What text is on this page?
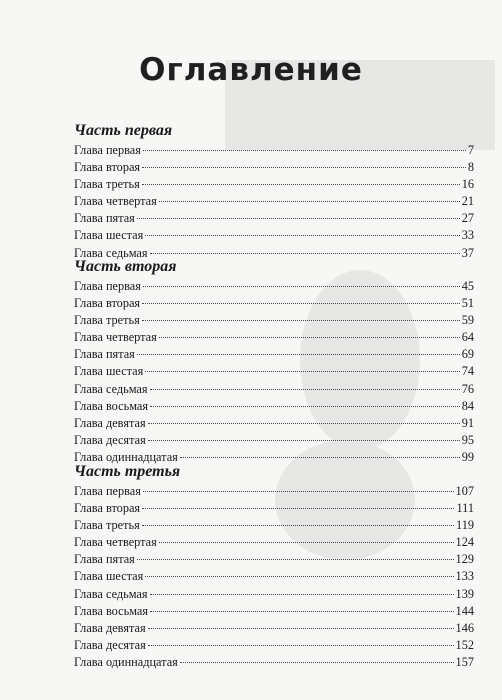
Оглавление
Часть первая
Глава первая	7
Глава вторая	8
Глава третья	16
Глава четвертая	21
Глава пятая	27
Глава шестая	33
Глава седьмая	37
Часть вторая
Глава первая	45
Глава вторая	51
Глава третья	59
Глава четвертая	64
Глава пятая	69
Глава шестая	74
Глава седьмая	76
Глава восьмая	84
Глава девятая	91
Глава десятая	95
Глава одиннадцатая	99
Часть третья
Глава первая	107
Глава вторая	111
Глава третья	119
Глава четвертая	124
Глава пятая	129
Глава шестая	133
Глава седьмая	139
Глава восьмая	144
Глава девятая	146
Глава десятая	152
Глава одиннадцатая	157
